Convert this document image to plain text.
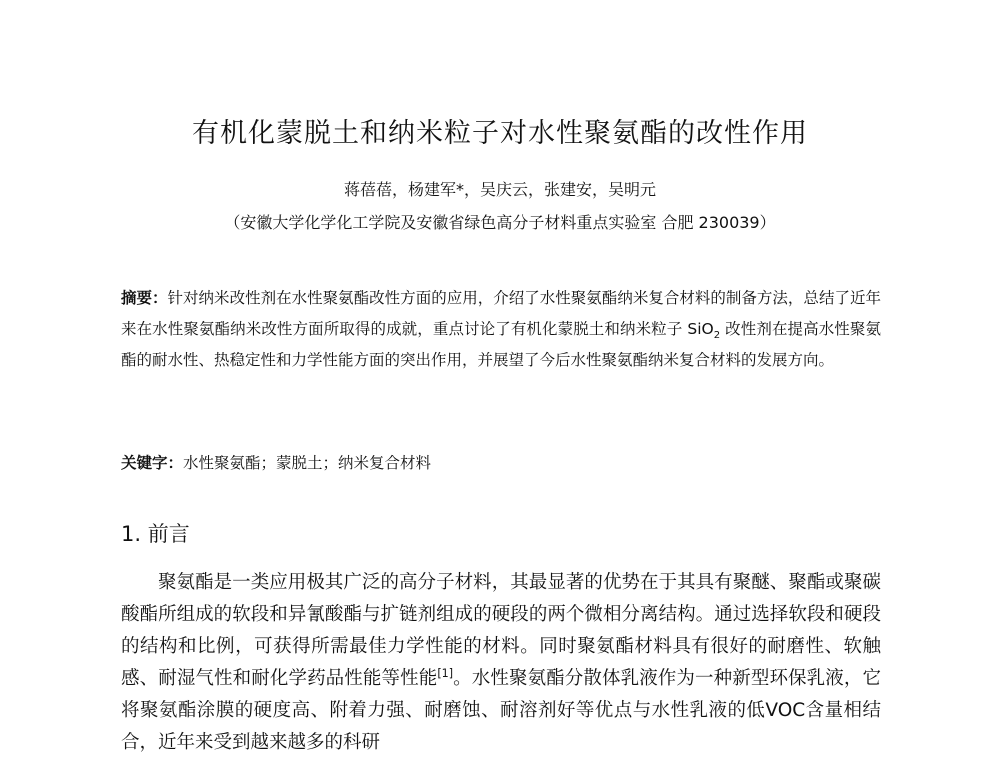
有机化蒙脱土和纳米粒子对水性聚氨酯的改性作用
蒋蓓蓓，杨建军*，吴庆云，张建安，吴明元
（安徽大学化学化工学院及安徽省绿色高分子材料重点实验室 合肥 230039）
摘要：针对纳米改性剂在水性聚氨酯改性方面的应用，介绍了水性聚氨酯纳米复合材料的制备方法，总结了近年来在水性聚氨酯纳米改性方面所取得的成就，重点讨论了有机化蒙脱土和纳米粒子 SiO$_2$ 改性剂在提高水性聚氨酯的耐水性、热稳定性和力学性能方面的突出作用，并展望了今后水性聚氨酯纳米复合材料的发展方向。
关键字：水性聚氨酯；蒙脱土；纳米复合材料
1. 前言
聚氨酯是一类应用极其广泛的高分子材料，其最显著的优势在于其具有聚醚、聚酯或聚碳酸酯所组成的软段和异氰酸酯与扩链剂组成的硬段的两个微相分离结构。通过选择软段和硬段的结构和比例，可获得所需最佳力学性能的材料。同时聚氨酯材料具有很好的耐磨性、软触感、耐湿气性和耐化学药品性能等性能[1]。水性聚氨酯分散体乳液作为一种新型环保乳液，它将聚氨酯涂膜的硬度高、附着力强、耐磨蚀、耐溶剂好等优点与水性乳液的低VOC含量相结合，近年来受到越来越多的科研
